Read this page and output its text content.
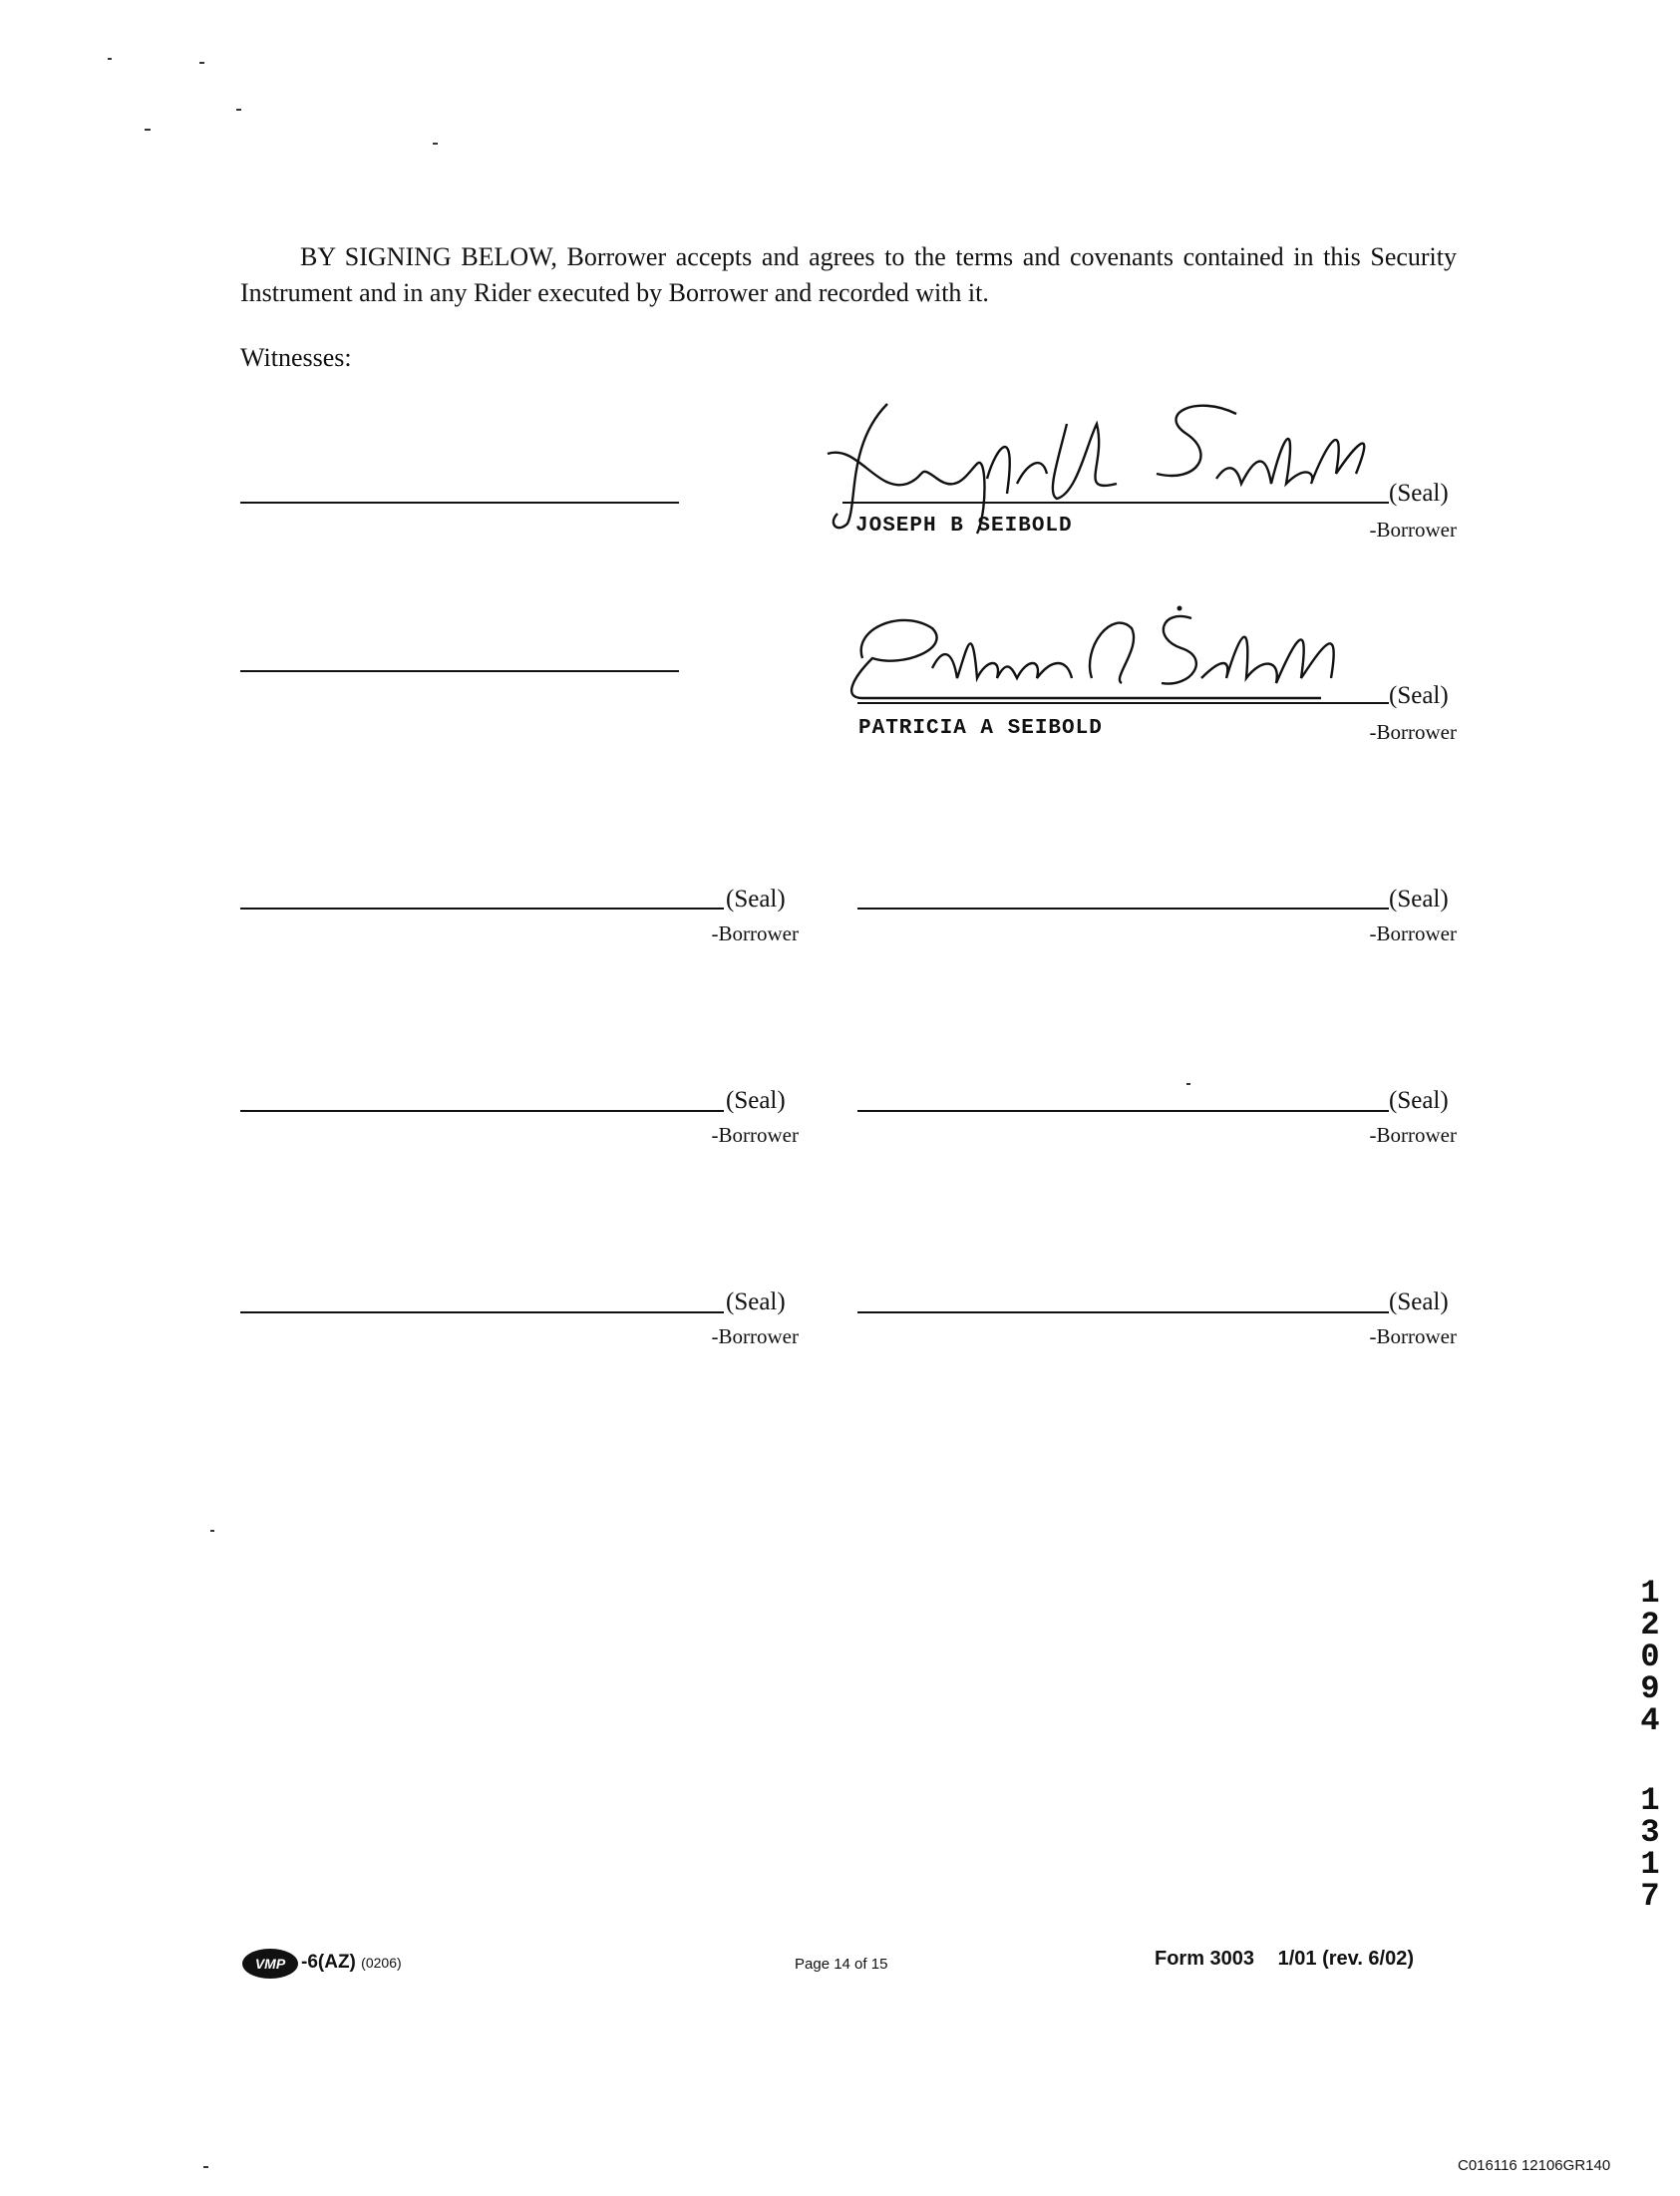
BY SIGNING BELOW, Borrower accepts and agrees to the terms and covenants contained in this Security Instrument and in any Rider executed by Borrower and recorded with it.
Witnesses:
(Seal)
JOSEPH B SEIBOLD	-Borrower
(Seal)
PATRICIA A SEIBOLD	-Borrower
(Seal)
-Borrower
(Seal)
-Borrower
(Seal)
-Borrower
(Seal)
-Borrower
(Seal)
-Borrower
(Seal)
-Borrower
1
2
0
9
4
1
3
1
7
VMP -6(AZ) (0206)	Page 14 of 15	Form 3003 1/01 (rev. 6/02)
C016116 12106GR140
